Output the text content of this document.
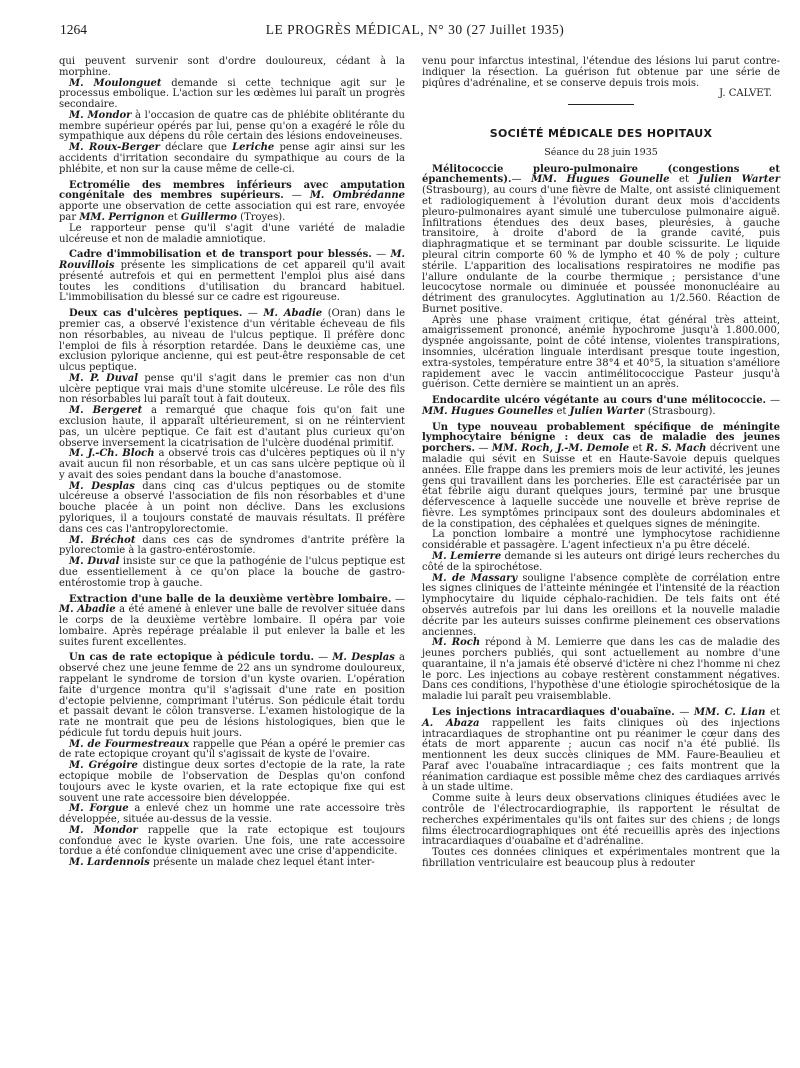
1264	LE PROGRÈS MÉDICAL, N° 30 (27 Juillet 1935)

qui peuvent survenir sont d'ordre douloureux, cédant à la morphine.

M. Moulonguet demande si cette technique agit sur le processus embolique. L'action sur les œdèmes lui paraît un progrès secondaire.

M. Mondor à l'occasion de quatre cas de phlébite oblitérante du membre supérieur opérés par lui, pense qu'on a exagéré le rôle du sympathique aux dépens du rôle certain des lésions endoveineuses.

M. Roux-Berger déclare que Leriche pense agir ainsi sur les accidents d'irritation secondaire du sympathique au cours de la phlébite, et non sur la cause même de celle-ci.

Ectromélie des membres inférieurs avec amputation congénitale des membres supérieurs. — M. Ombrédanne apporte une observation de cette association qui est rare, envoyée par MM. Perrignon et Guillermo (Troyes).

Le rapporteur pense qu'il s'agit d'une variété de maladie ulcéreuse et non de maladie amniotique.

Cadre d'immobilisation et de transport pour blessés. — M. Rouvillois présente les simplications de cet appareil qu'il avait présenté autrefois et qui en permettent l'emploi plus aisé dans toutes les conditions d'utilisation du brancard habituel. L'immobilisation du blessé sur ce cadre est rigoureuse.

Deux cas d'ulcères peptiques. — M. Abadie (Oran) dans le premier cas, a observé l'existence d'un véritable écheveau de fils non résorbables, au niveau de l'ulcus peptique. Il préfère donc l'emploi de fils à résorption retardée. Dans le deuxième cas, une exclusion pylorique ancienne, qui est peut-être responsable de cet ulcus peptique.

M. P. Duval pense qu'il s'agit dans le premier cas non d'un ulcère peptique vrai mais d'une stomite ulcéreuse. Le rôle des fils non résorbables lui paraît tout à fait douteux.

M. Bergeret a remarqué que chaque fois qu'on fait une exclusion haute, il apparaît ultérieurement, si on ne réintervient pas, un ulcère peptique. Ce fait est d'autant plus curieux qu'on observe inversement la cicatrisation de l'ulcère duodénal primitif.

M. J.-Ch. Bloch a observé trois cas d'ulcères peptiques où il n'y avait aucun fil non résorbable, et un cas sans ulcère peptique où il y avait des soies pendant dans la bouche d'anastomose.

M. Desplas dans cinq cas d'ulcus peptiques ou de stomite ulcéreuse a observé l'association de fils non résorbables et d'une bouche placée à un point non déclive. Dans les exclusions pyloriques, il a toujours constaté de mauvais résultats. Il préfère dans ces cas l'antropylorectomie.

M. Bréchot dans ces cas de syndromes d'antrite préfère la pylorectomie à la gastro-entérostomie.

M. Duval insiste sur ce que la pathogénie de l'ulcus peptique est due essentiellement à ce qu'on place la bouche de gastro-entérostomie trop à gauche.

Extraction d'une balle de la deuxième vertèbre lombaire. — M. Abadie a été amené à enlever une balle de revolver située dans le corps de la deuxième vertèbre lombaire. Il opéra par voie lombaire. Après repérage préalable il put enlever la balle et les suites furent excellentes.

Un cas de rate ectopique à pédicule tordu. — M. Desplas a observé chez une jeune femme de 22 ans un syndrome douloureux, rappelant le syndrome de torsion d'un kyste ovarien. L'opération faite d'urgence montra qu'il s'agissait d'une rate en position d'ectopie pelvienne, comprimant l'utérus. Son pédicule était tordu et passait devant le côlon transverse. L'examen histologique de la rate ne montrait que peu de lésions histologiques, bien que le pédicule fut tordu depuis huit jours.

M. de Fourmestreaux rappelle que Péan a opéré le premier cas de rate ectopique croyant qu'il s'agissait de kyste de l'ovaire.

M. Grégoire distingue deux sortes d'ectopie de la rate, la rate ectopique mobile de l'observation de Desplas qu'on confond toujours avec le kyste ovarien, et la rate ectopique fixe qui est souvent une rate accessoire bien développée.

M. Forgue a enlevé chez un homme une rate accessoire très développée, située au-dessus de la vessie.

M. Mondor rappelle que la rate ectopique est toujours confondue avec le kyste ovarien. Une fois, une rate accessoire tordue a été confondue cliniquement avec une crise d'appendicite.

M. Lardennois présente un malade chez lequel étant inter-

venu pour infarctus intestinal, l'étendue des lésions lui parut contre-indiquer la résection. La guérison fut obtenue par une série de piqûres d'adrénaline, et se conserve depuis trois mois.

J. CALVET.

SOCIÉTÉ MÉDICALE DES HOPITAUX
Séance du 28 juin 1935

Mélitococcie pleuro-pulmonaire (congestions et épanchements).— MM. Hugues Gounelle et Julien Warter (Strasbourg), au cours d'une fièvre de Malte, ont assisté cliniquement et radiologiquement à l'évolution durant deux mois d'accidents pleuro-pulmonaires ayant simulé une tuberculose pulmonaire aiguë. Infiltrations étendues des deux bases, pleurésies, à gauche transitoire, à droite d'abord de la grande cavité, puis diaphragmatique et se terminant par double scissurite. Le liquide pleural citrin comporte 60 % de lympho et 40 % de poly ; culture stérile. L'apparition des localisations respiratoires ne modifie pas l'allure ondulante de la courbe thermique ; persistance d'une leucocytose normale ou diminuée et poussée mononucléaire au détriment des granulocytes. Agglutination au 1/2.560. Réaction de Burnet positive.

Après une phase vraiment critique, état général très atteint, amaigrissement prononcé, anémie hypochrome jusqu'à 1.800.000, dyspnée angoissante, point de côté intense, violentes transpirations, insomnies, ulcération linguale interdisant presque toute ingestion, extra-systoles, température entre 38°4 et 40°5, la situation s'améliore rapidement avec le vaccin antimélitococcique Pasteur jusqu'à guérison. Cette dernière se maintient un an après.

Endocardite ulcéro végétante au cours d'une mélitococcie. — MM. Hugues Gounelles et Julien Warter (Strasbourg).

Un type nouveau probablement spécifique de méningite lymphocytaire bénigne : deux cas de maladie des jeunes porchers. — MM. Roch, J.-M. Demole et R. S. Mach décrivent une maladie qui sévit en Suisse et en Haute-Savoie depuis quelques années. Elle frappe dans les premiers mois de leur activité, les jeunes gens qui travaillent dans les porcheries. Elle est caractérisée par un état fébrile aigu durant quelques jours, terminé par une brusque défervescence à laquelle succède une nouvelle et brève reprise de fièvre. Les symptômes principaux sont des douleurs abdominales et de la constipation, des céphalées et quelques signes de méningite.

La ponction lombaire a montré une lymphocytose rachidienne considérable et passagère. L'agent infectieux n'a pu être décelé.

M. Lemierre demande si les auteurs ont dirigé leurs recherches du côté de la spirochétose.

M. de Massary souligne l'absence complète de corrélation entre les signes cliniques de l'atteinte méningée et l'intensité de la réaction lymphocytaire du liquide céphalo-rachidien. De tels faits ont été observés autrefois par lui dans les oreillons et la nouvelle maladie décrite par les auteurs suisses confirme pleinement ces observations anciennes.

M. Roch répond à M. Lemierre que dans les cas de maladie des jeunes porchers publiés, qui sont actuellement au nombre d'une quarantaine, il n'a jamais été observé d'ictère ni chez l'homme ni chez le porc. Les injections au cobaye restèrent constamment négatives. Dans ces conditions, l'hypothèse d'une étiologie spirochétosique de la maladie lui paraît peu vraisemblable.

Les injections intracardiaques d'ouabaïne. — MM. C. Lian et A. Abaza rappellent les faits cliniques où des injections intracardiaques de strophantine ont pu réanimer le cœur dans des états de mort apparente ; aucun cas nocif n'a été publié. Ils mentionnent les deux succès cliniques de MM. Faure-Beaulieu et Paraf avec l'ouabaïne intracardiaque ; ces faits montrent que la réanimation cardiaque est possible même chez des cardiaques arrivés à un stade ultime.

Comme suite à leurs deux observations cliniques étudiées avec le contrôle de l'électrocardiographie, ils rapportent le résultat de recherches expérimentales qu'ils ont faites sur des chiens ; de longs films électrocardiographiques ont été recueillis après des injections intracardiaques d'ouabaïne et d'adrénaline.

Toutes ces données cliniques et expérimentales montrent que la fibrillation ventriculaire est beaucoup plus à redouter
